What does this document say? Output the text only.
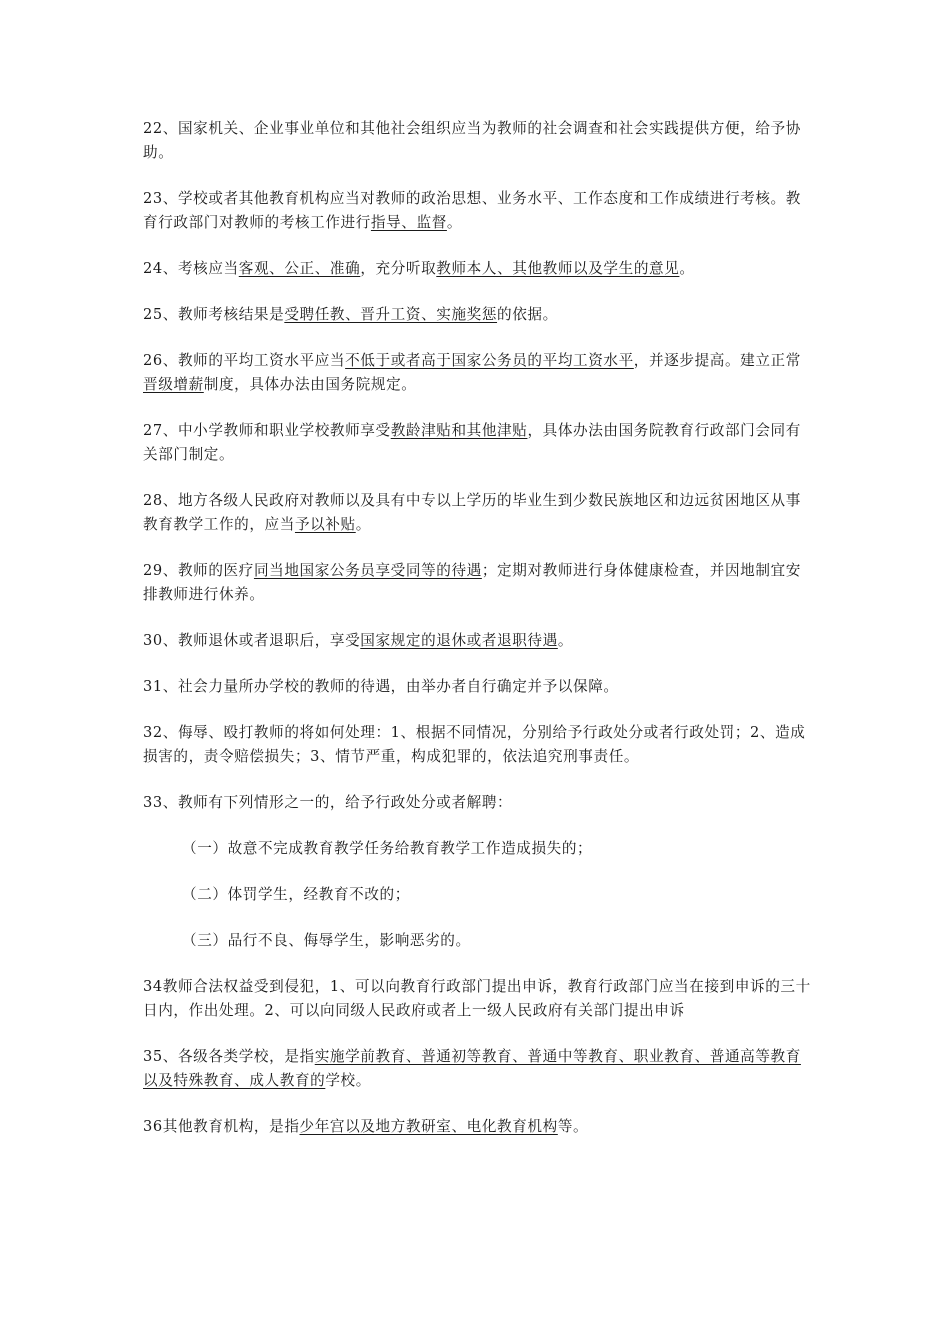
22、国家机关、企业事业单位和其他社会组织应当为教师的社会调查和社会实践提供方便，给予协助。

23、学校或者其他教育机构应当对教师的政治思想、业务水平、工作态度和工作成绩进行考核。教育行政部门对教师的考核工作进行指导、监督。

24、考核应当客观、公正、准确，充分听取教师本人、其他教师以及学生的意见。

25、教师考核结果是受聘任教、晋升工资、实施奖惩的依据。

26、教师的平均工资水平应当不低于或者高于国家公务员的平均工资水平，并逐步提高。建立正常晋级增薪制度，具体办法由国务院规定。

27、中小学教师和职业学校教师享受教龄津贴和其他津贴，具体办法由国务院教育行政部门会同有关部门制定。

28、地方各级人民政府对教师以及具有中专以上学历的毕业生到少数民族地区和边远贫困地区从事教育教学工作的，应当予以补贴。

29、教师的医疗同当地国家公务员享受同等的待遇；定期对教师进行身体健康检查，并因地制宜安排教师进行休养。

30、教师退休或者退职后，享受国家规定的退休或者退职待遇。

31、社会力量所办学校的教师的待遇，由举办者自行确定并予以保障。

32、侮辱、殴打教师的将如何处理：1、根据不同情况，分别给予行政处分或者行政处罚；2、造成损害的，责令赔偿损失；3、情节严重，构成犯罪的，依法追究刑事责任。

33、教师有下列情形之一的，给予行政处分或者解聘：

（一）故意不完成教育教学任务给教育教学工作造成损失的；

（二）体罚学生，经教育不改的；

（三）品行不良、侮辱学生，影响恶劣的。

34教师合法权益受到侵犯，1、可以向教育行政部门提出申诉，教育行政部门应当在接到申诉的三十日内，作出处理。2、可以向同级人民政府或者上一级人民政府有关部门提出申诉

35、各级各类学校，是指实施学前教育、普通初等教育、普通中等教育、职业教育、普通高等教育以及特殊教育、成人教育的学校。

36其他教育机构，是指少年宫以及地方教研室、电化教育机构等。
